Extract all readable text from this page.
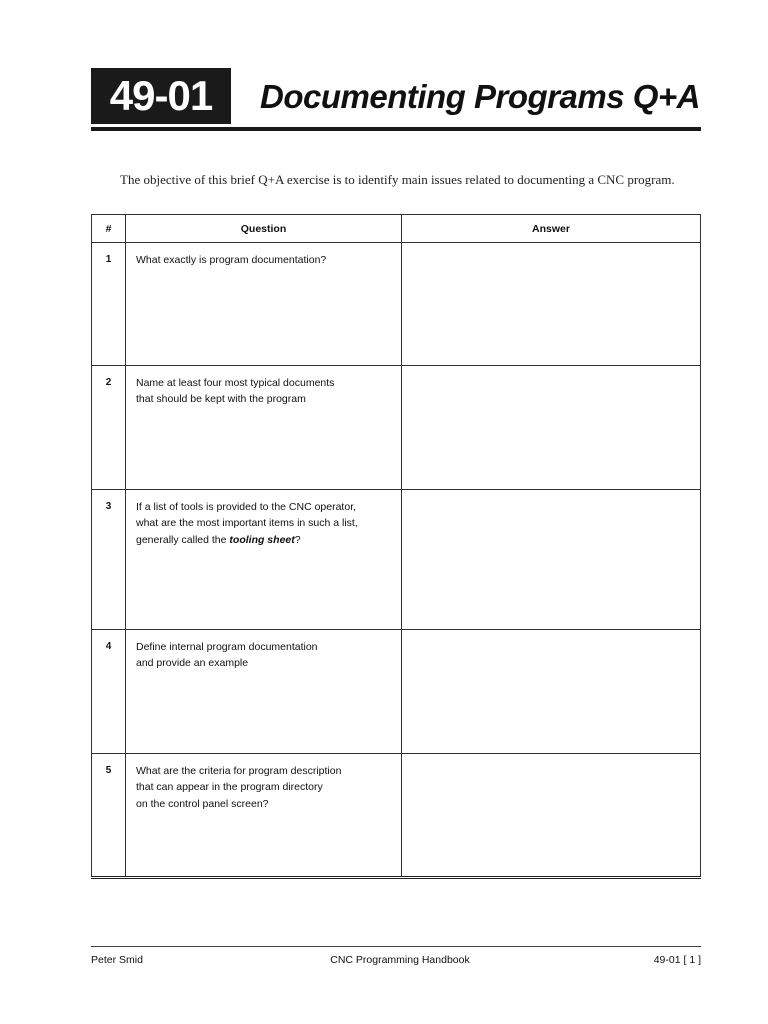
49-01	Documenting Programs Q+A
The objective of this brief Q+A exercise is to identify main issues related to documenting a CNC program.
#	Question	Answer
1	What exactly is program documentation?	

2	Name at least four most typical documents
that should be kept with the program	

3	If a list of tools is provided to the CNC operator,
what are the most important items in such a list,
generally called the tooling sheet?	

4	Define internal program documentation
and provide an example	

5	What are the criteria for program description
that can appear in the program directory
on the control panel screen?	

Peter Smid	CNC Programming Handbook	49-01 [ 1 ]
